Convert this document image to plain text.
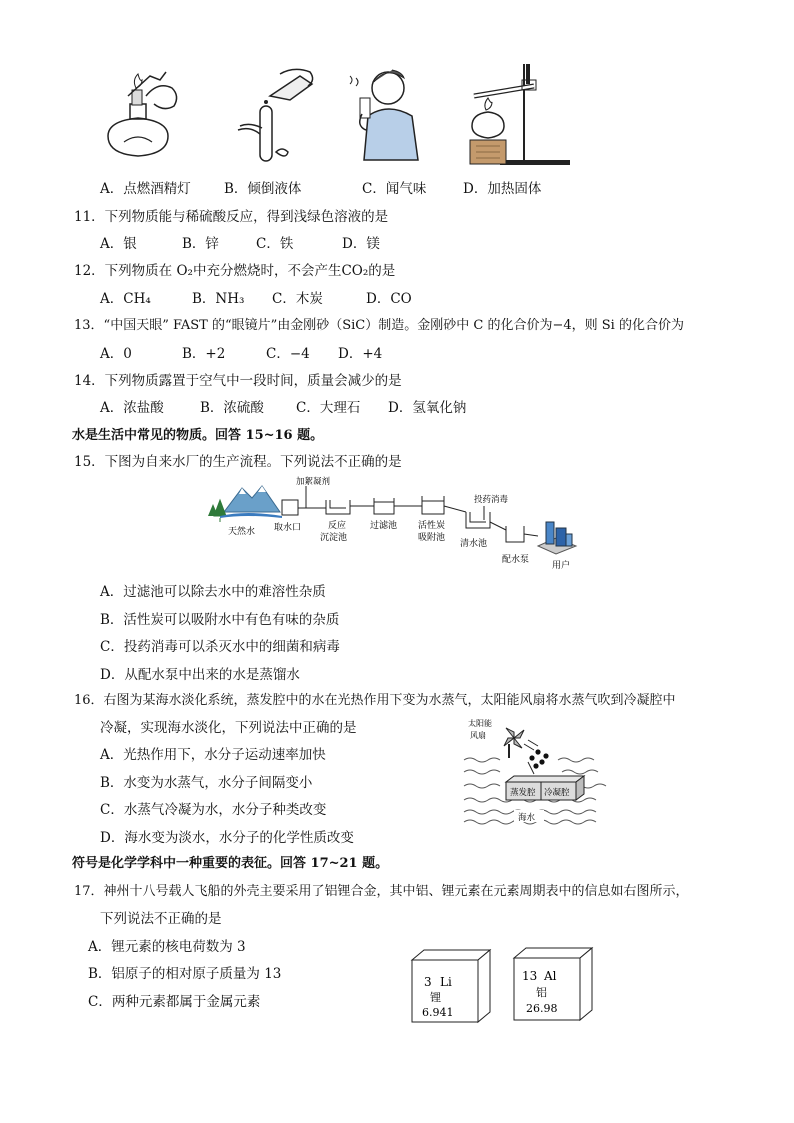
A．点燃酒精灯 B．倾倒液体	C．闻气味	D．加热固体
11．下列物质能与稀硫酸反应，得到浅绿色溶液的是
A．银	B．锌	C．铁	D．镁
12．下列物质在 O₂中充分燃烧时，不会产生CO₂的是
A．CH₄	B．NH₃ C．木炭	D．CO
13．“中国天眼” FAST 的“眼镜片”由金刚砂（SiC）制造。金刚砂中 C 的化合价为−4，则 Si 的化合价为
A．0	B．+2	C．−4 D．+4
14．下列物质露置于空气中一段时间，质量会减少的是
A．浓盐酸	B．浓硫酸 C．大理石 D．氢氧化钠
水是生活中常见的物质。回答 15~16 题。
15．下图为自来水厂的生产流程。下列说法不正确的是
天然水 取水口
加絮凝剂
反应
沉淀池
过滤池 活性炭
吸附池
投药消毒
清水池
配水泵
用户
A．过滤池可以除去水中的难溶性杂质
B．活性炭可以吸附水中有色有味的杂质
C．投药消毒可以杀灭水中的细菌和病毒
D．从配水泵中出来的水是蒸馏水
16．右图为某海水淡化系统，蒸发腔中的水在光热作用下变为水蒸气，太阳能风扇将水蒸气吹到冷凝腔中
冷凝，实现海水淡化，下列说法中正确的是	太阳能
风扇
蒸发腔 冷凝腔
海水
A．光热作用下，水分子运动速率加快
B．水变为水蒸气，水分子间隔变小
C．水蒸气冷凝为水，水分子种类改变
D．海水变为淡水，水分子的化学性质改变
符号是化学学科中一种重要的表征。回答 17~21 题。
17．神州十八号载人飞船的外壳主要采用了铝锂合金，其中铝、锂元素在元素周期表中的信息如右图所示，
下列说法不正确的是
A．锂元素的核电荷数为 3
B．铝原子的相对原子质量为 13
C．两种元素都属于金属元素
3 Li
锂
6.941
13 Al
铝
26.98
